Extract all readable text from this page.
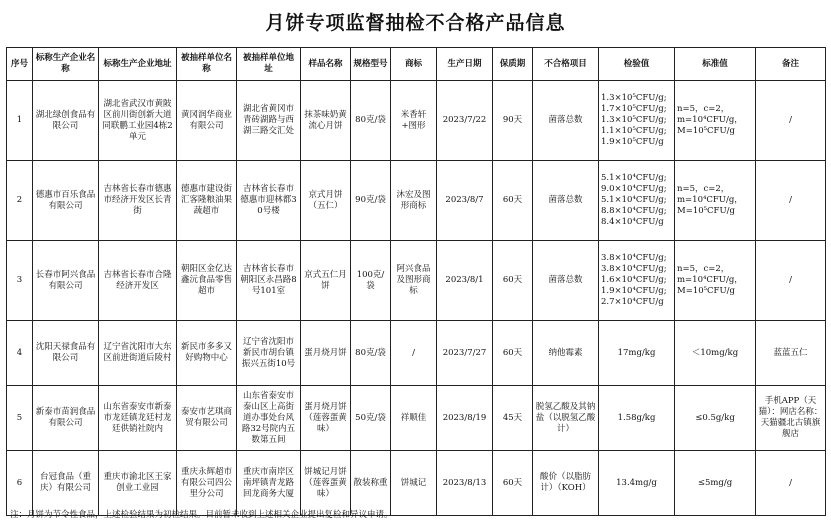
月饼专项监督抽检不合格产品信息
序号	标称生产企业名称	标称生产企业地址	被抽样单位名称	被抽样单位地址	样品名称	规格型号	商标	生产日期	保质期	不合格项目	检验值	标准值	备注
1	湖北绿创食品有限公司	湖北省武汉市黄陂区前川街创新大道同联鹏工业园4栋2单元	黄冈润华商业有限公司	湖北省黄冈市青砖湖路与西湖三路交汇处	抹茶味奶黄流心月饼	80克/袋	米香轩+图形	2023/7/22	90天	菌落总数	1.3×10⁵CFU/g;
1.7×10⁵CFU/g;
1.3×10⁵CFU/g;
1.1×10⁵CFU/g;
1.9×10⁵CFU/g	n=5，c=2，
m=10⁴CFU/g，
M=10⁵CFU/g	/
2	德惠市百乐食品有限公司	吉林省长春市德惠市经济开发区长青街	德惠市建设街汇客隆粮油果蔬超市	吉林省长春市德惠市迎林都30号楼	京式月饼（五仁）	90克/袋	沐宏及图形商标	2023/8/7	60天	菌落总数	5.1×10⁴CFU/g;
9.0×10⁴CFU/g;
5.1×10⁴CFU/g;
8.8×10⁴CFU/g;
8.4×10⁴CFU/g	n=5，c=2，
m=10⁴CFU/g，
M=10⁵CFU/g	/
3	长春市阿兴食品有限公司	吉林省长春市合隆经济开发区	朝阳区金亿达鑫沅食品零售超市	吉林省长春市朝阳区永昌路8号101室	京式五仁月饼	100克/袋	阿兴食品及图形商标	2023/8/1	60天	菌落总数	3.8×10⁴CFU/g;
3.8×10⁴CFU/g;
1.6×10⁴CFU/g;
1.9×10⁴CFU/g;
2.7×10⁴CFU/g	n=5，c=2，
m=10⁴CFU/g，
M=10⁵CFU/g	/
4	沈阳天禄食品有限公司	辽宁省沈阳市大东区前进街道后陵村	新民市多多又好购物中心	辽宁省沈阳市新民市胡台镇振兴五街10号	蛋月烧月饼	80克/袋	/	2023/7/27	60天	纳他霉素	17mg/kg	＜10mg/kg	蓝蓝五仁
5	新泰市苗润食品有限公司	山东省泰安市新泰市龙廷镇龙廷村龙廷供销社院内	泰安市艺琪商贸有限公司	山东省泰安市泰山区上高街道办事处台风路32号院内五数第五间	蛋月烧月饼（莲蓉蛋黄味）	50克/袋	祥顺佳	2023/8/19	45天	脱氢乙酸及其钠盐（以脱氢乙酸计）	1.58g/kg	≤0.5g/kg	手机APP（天猫）：网店名称：天猫疆北古镇旗舰店
6	台冠食品（重庆）有限公司	重庆市渝北区王家创业工业园	重庆永辉超市有限公司四公里分公司	重庆市南岸区南坪镇青龙路回龙商务大厦	饼城记月饼（莲蓉蛋黄味）	散装称重	饼城记	2023/8/13	60天	酸价（以脂肪计）（KOH）	13.4mg/g	≤5mg/g	/
注：月饼为节令性食品，上述检验结果为初检结果。目前暂未收到上述相关企业提出复检和异议申请。
